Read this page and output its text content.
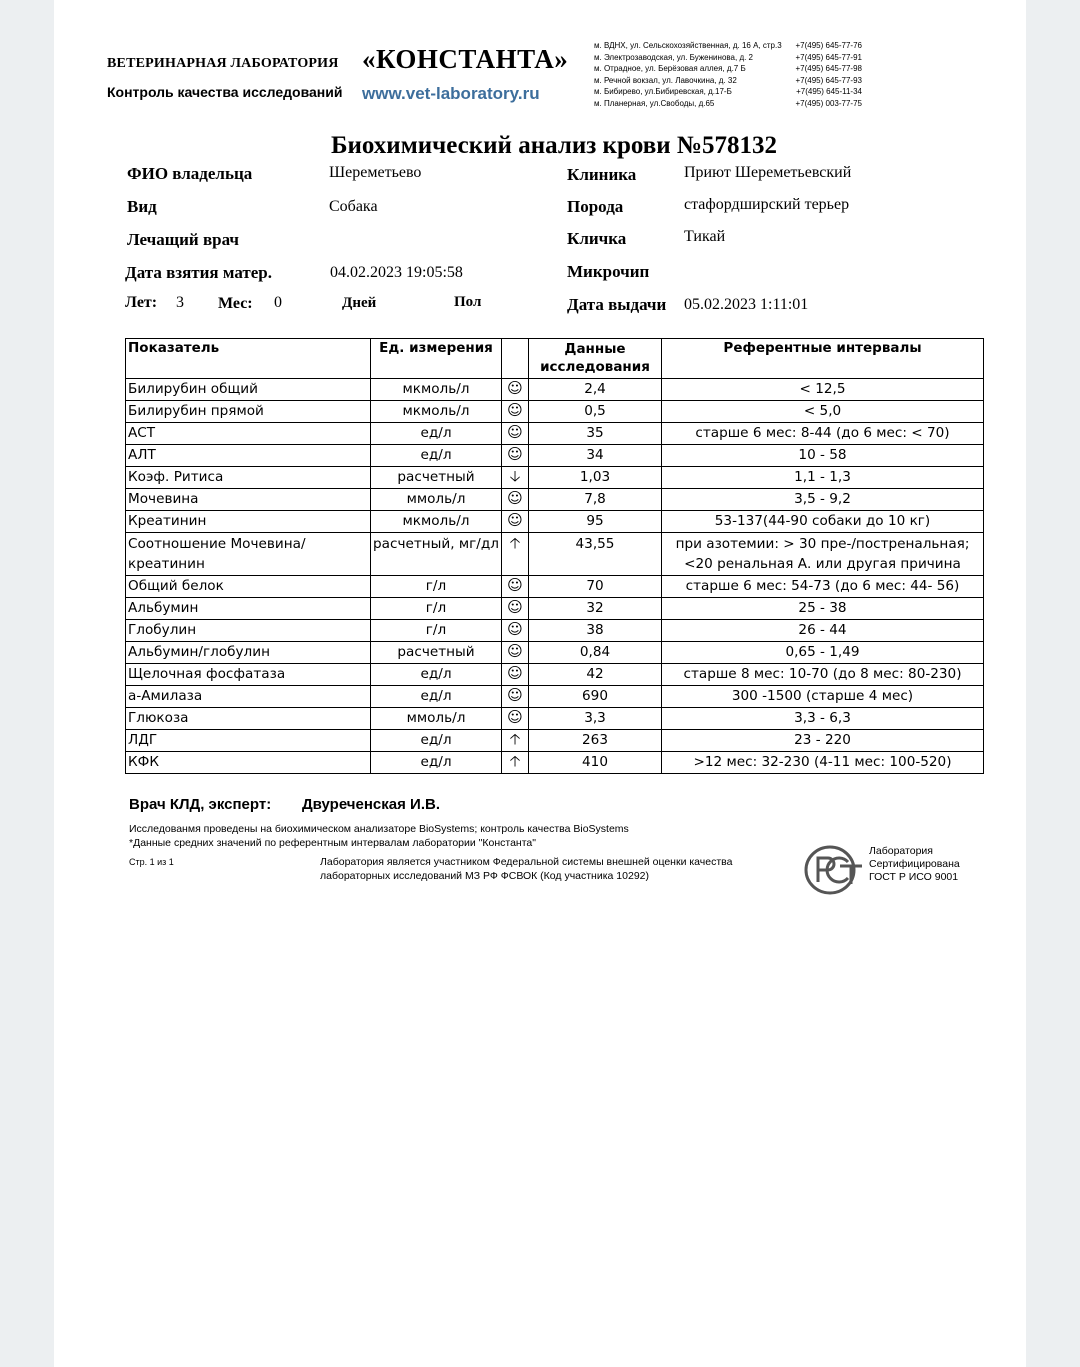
ВЕТЕРИНАРНАЯ ЛАБОРАТОРИЯ «КОНСТАНТА»
Контроль качества исследований www.vet-laboratory.ru
м. ВДНХ, ул. Сельскохозяйственная, д. 16 А, стр.3 +7(495) 645-77-76
м. Электрозаводская, ул. Буженинова, д. 2	+7(495) 645-77-91
м. Отрадное, ул. Берёзовая аллея, д.7 Б	+7(495) 645-77-98
м. Речной вокзал, ул. Лавочкина, д. 32	+7(495) 645-77-93
м. Бибирево, ул.Бибиревская, д.17-Б	+7(495) 645-11-34
м. Планерная, ул.Свободы, д.65	+7(495) 003-77-75
Биохимический анализ крови №578132
ФИО владельца	Шереметьево
Вид	Собака
Лечащий врач
Дата взятия матер.	04.02.2023 19:05:58
Лет: 3 Мес: 0	Дней	Пол
Клиника	Приют Шереметьевский
Порода	стафордширский терьер
Кличка	Тикай
Микрочип
Дата выдачи 05.02.2023 1:11:01
Показатель	Ед. измерения		Данные исследования	Референтные интервалы
Билирубин общий	мкмоль/л	☺	2,4	< 12,5
Билирубин прямой	мкмоль/л	☺	0,5	< 5,0
АСТ	ед/л	☺	35	старше 6 мес: 8-44 (до 6 мес: < 70)
АЛТ	ед/л	☺	34	10 - 58
Коэф. Ритиса	расчетный	🡣	1,03	1,1 - 1,3
Мочевина	ммоль/л	☺	7,8	3,5 - 9,2
Креатинин	мкмоль/л	☺	95	53-137(44-90 собаки до 10 кг)
Соотношение Мочевина/креатинин	расчетный, мг/дл	🡡	43,55	при азотемии: > 30 пре-/постренальная; <20 ренальная А. или другая причина
Общий белок	г/л	☺	70	старше 6 мес: 54-73 (до 6 мес: 44- 56)
Альбумин	г/л	☺	32	25 - 38
Глобулин	г/л	☺	38	26 - 44
Альбумин/глобулин	расчетный	☺	0,84	0,65 - 1,49
Щелочная фосфатаза	ед/л	☺	42	старше 8 мес: 10-70 (до 8 мес: 80-230)
а-Амилаза	ед/л	☺	690	300 -1500 (старше 4 мес)
Глюкоза	ммоль/л	☺	3,3	3,3 - 6,3
ЛДГ	ед/л	🡡	263	23 - 220
КФК	ед/л	🡡	410	>12 мес: 32-230 (4-11 мес: 100-520)
Врач КЛД, эксперт: Двуреченская И.В.
Исследованмя проведены на биохимическом анализаторе BioSystems; контроль качества BioSystems
*Данные средних значений по референтным интервалам лаборатории "Константа"
Стр. 1 из 1	Лаборатория является участником Федеральной системы внешней оценки качества лабораторных исследований МЗ РФ ФСВОК (Код участника 10292)
РСТ
Лаборатория
Сертифицирована
ГОСТ Р ИСО 9001
